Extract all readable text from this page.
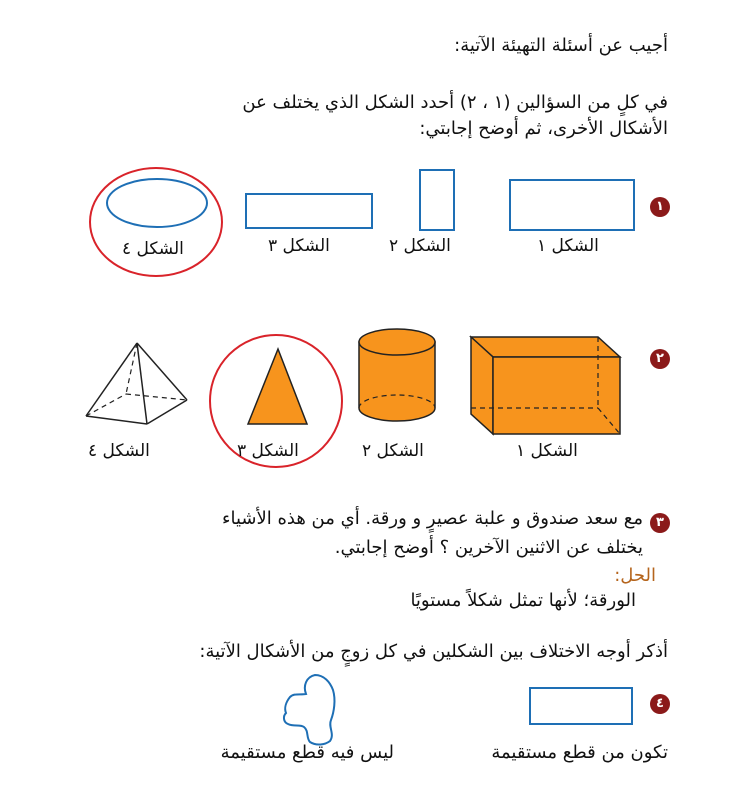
أجيب عن أسئلة التهيئة الآتية:
في كلٍ من السؤالين (١ ، ٢) أحدد الشكل الذي يختلف عن
الأشكال الأخرى، ثم أوضح إجابتي:
١
الشكل ١
الشكل ٢
الشكل ٣
الشكل ٤
٢
الشكل ١
الشكل ٢
الشكل ٣
الشكل ٤
٣
مع سعد صندوق و علبة عصيرٍ و ورقة. أي من هذه الأشياء
يختلف عن الاثنين الآخرين ؟ أوضح إجابتي.
الحل:
الورقة؛ لأنها تمثل شكلاً مستويًا
أذكر أوجه الاختلاف بين الشكلين في كل زوجٍ من الأشكال الآتية:
٤
تكون من قطع مستقيمة
ليس فيه قطع مستقيمة
